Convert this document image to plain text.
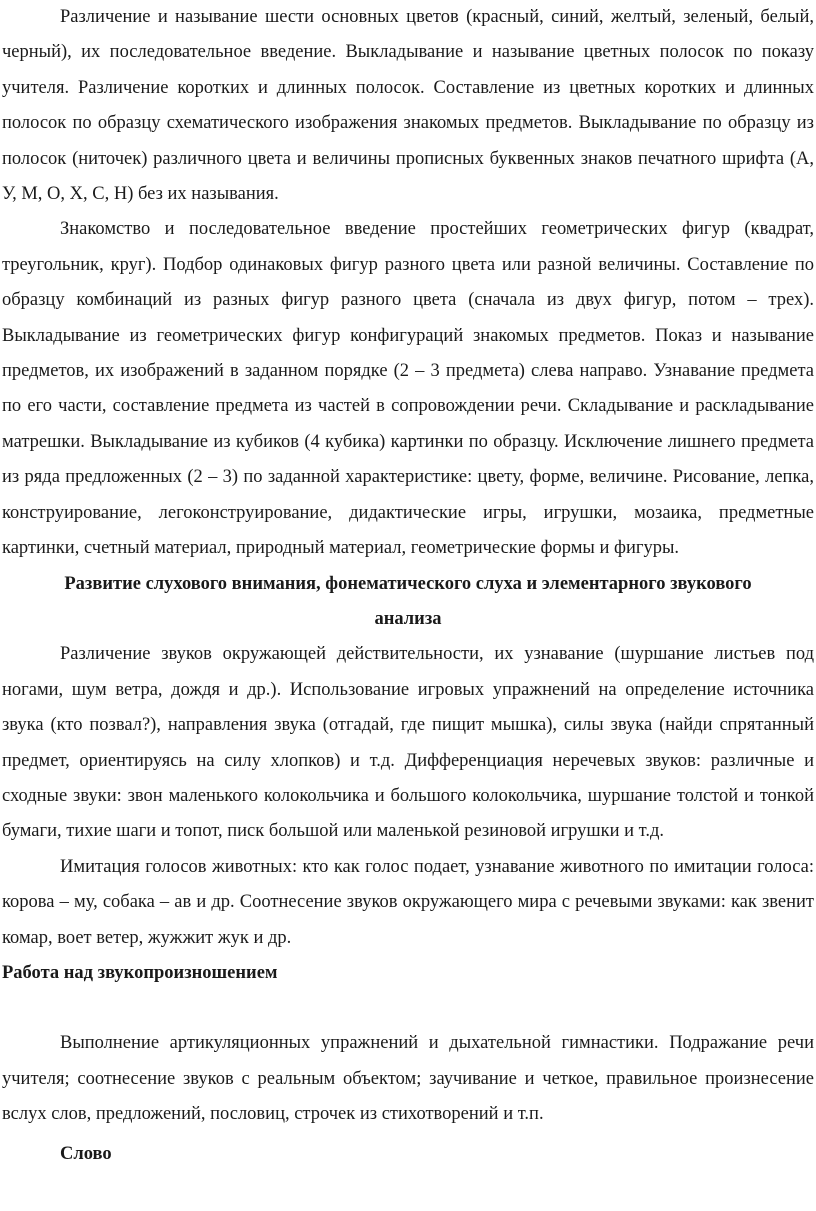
Различение и называние шести основных цветов (красный, синий, желтый, зеленый, белый, черный), их последовательное введение. Выкладывание и называние цветных полосок по показу учителя. Различение коротких и длинных полосок. Составление из цветных коротких и длинных полосок по образцу схематического изображения знакомых предметов. Выкладывание по образцу из полосок (ниточек) различного цвета и величины прописных буквенных знаков печатного шрифта (А, У, М, О, Х, С, Н) без их называния.

Знакомство и последовательное введение простейших геометрических фигур (квадрат, треугольник, круг). Подбор одинаковых фигур разного цвета или разной величины. Составление по образцу комбинаций из разных фигур разного цвета (сначала из двух фигур, потом – трех). Выкладывание из геометрических фигур конфигураций знакомых предметов. Показ и называние предметов, их изображений в заданном порядке (2 – 3 предмета) слева направо. Узнавание предмета по его части, составление предмета из частей в сопровождении речи. Складывание и раскладывание матрешки. Выкладывание из кубиков (4 кубика) картинки по образцу. Исключение лишнего предмета из ряда предложенных (2 – 3) по заданной характеристике: цвету, форме, величине. Рисование, лепка, конструирование, легоконструирование, дидактические игры, игрушки, мозаика, предметные картинки, счетный материал, природный материал, геометрические формы и фигуры.

Развитие слухового внимания, фонематического слуха и элементарного звукового анализа

Различение звуков окружающей действительности, их узнавание (шуршание листьев под ногами, шум ветра, дождя и др.). Использование игровых упражнений на определение источника звука (кто позвал?), направления звука (отгадай, где пищит мышка), силы звука (найди спрятанный предмет, ориентируясь на силу хлопков) и т.д. Дифференциация неречевых звуков: различные и сходные звуки: звон маленького колокольчика и большого колокольчика, шуршание толстой и тонкой бумаги, тихие шаги и топот, писк большой или маленькой резиновой игрушки и т.д.

Имитация голосов животных: кто как голос подает, узнавание животного по имитации голоса: корова – му, собака – ав и др. Соотнесение звуков окружающего мира с речевыми звуками: как звенит комар, воет ветер, жужжит жук и др.

Работа над звукопроизношением

Выполнение артикуляционных упражнений и дыхательной гимнастики. Подражание речи учителя; соотнесение звуков с реальным объектом; заучивание и четкое, правильное произнесение вслух слов, предложений, пословиц, строчек из стихотворений и т.п.

Слово
